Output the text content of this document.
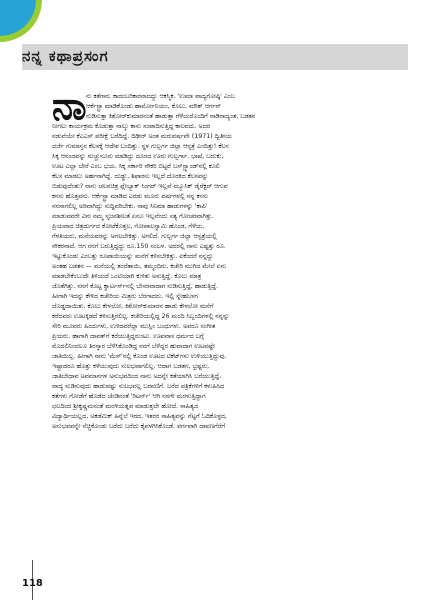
ನನ್ನ ಕಥಾಪ್ರಸಂಗ
ನಾ ನು ಕತೆಗಾರ; ಕಾದಂಬರಿಕಾರನಾದದ್ದು ಆಕಸ್ಮಿಕ. 'ಉಮಾ ವಾದ್ಯಗೋಷ್ಠಿ' ಎಂಬ
ಆರ್ಕೆಸ್ಟ್ರಾ ಮಾಡಿಕೊಂಡು ಹಾರ್ಮೋನಿಯಂ, ಕೊಲು, ಮೌತ್ ಆರ್ಗನ್
ನುಡಿಸುತ್ತಾ ಕಿಶೋರ್‌ಕುಮಾರನಂತೆ ಹಾಡುತ್ತಾ ಗೆಳೆಯರೊಂದಿಗೆ ನಾಡಿನಾದ್ಯಂತ, ಬಡತನ
ನೀಗಲು ಕಾರ್ಯಕ್ರಮ ಕೊಡುತ್ತಾ ನಾಲ್ಕು ಕಾಸು ಸಂಪಾದಿಸುತ್ತಿದ್ದ ಕಾಲವದು. ಅದರ
ನಡುವೆಯೇ ಕೆಎಎಸ್ ಪರೀಕ್ಷೆ ಬರೆದಿದ್ದೆ. ದಿಢೀರ್ ಅಂತ ಮರುವರ್ಷವೇ (1971) ದ್ವಿತೀಯ
ದರ್ಜೆ ಗುಮಾಸ್ತನ ಕೆಲಸಕ್ಕೆ ಆದೇಶ ಬಂದಿತ್ತು. ಸ್ಥಳ ಗುಲ್ಬರ್ಗ ಜಿಲ್ಲಾ ಆಸ್ಪತ್ರೆ ಎಂದಿತ್ತು! ಕೆಲಸ
ಸಿಕ್ಕ ಆನಂದವನ್ನು ನುಚ್ಚುನೂರು ಮಾಡಿದ್ದು ದೂರದ ಊರು ಗುಲ್ಬರ್ಗಾ. ಭಾಷೆ, ಬದುಕು,
ಊಟ ಎಲ್ಲಾ ಬೇರೆ ಎಂಬ ಭಯ. ಸಿಕ್ಕ ಸರ್ಕಾರಿ ನೌಕರಿ ಬಿಟ್ಟರೆ ಬಸ್‌ಸ್ಟ್ಯಾಂಡ್‌ನಲ್ಲಿ ಕೂಲಿ
ಕೆಲಸ ಮಾಡಲು ಅರ್ಹನಾಗಿದ್ದೆ. ದುಡ್ಡು, ಶಿಫಾರಸು ಇಲ್ಲದೆ ದೊರಕಿದ ಕೆಲಸವನ್ನು
ಬಿಡುವುದೆಂತು? ನಾನು ಚಲನಚಿತ್ರ ಪ್ಲೇಬ್ಯಾಕ್ ಸಿಂಗರ್ ಇಲ್ಲವೆ ಮ್ಯೂಸಿಕ್ ಡೈರೆಕ್ಟರ್ ಆಗುವ
ಕನಸು ಹೊತ್ತವನು. ಆರ್ಕೆಸ್ಟ್ರಾ ಮಾಡಿದ ಎರಡು ಮೂರು ವರ್ಷಗಳಲ್ಲಿ ನನ್ನ ಕನಸು
ನನಸಾಗಲಿಲ್ಲ ಅರಿವಾಗಿದ್ದು ಸುದ್ದಿವರಿಬೇಕು. ನಾವು ಸಿನಿಮಾ ಹಾಡುಗಳನ್ನು 'ಕಾಪಿ'
ಮಾಡುವವರೇ ವಿನಃ ನಮ್ಮ ಸೃಜನಶೀಲತೆ ಏನೂ ಇಲ್ಲವೆಂದು ಸತ್ಯ ಗೋಚರವಾಗಿತ್ತು.
ಪ್ರಿಯವಾದ ಚಿತ್ರದುರ್ಗದ ಕೋಟೆಕೊತ್ತಲ, ಗೋಪಾಲಸ್ವಾಮಿ ಹೊಂಡ, ಗೆಳೆಯ,
ಗೆಳತಿಯರು, ಮನೆಯವರನ್ನು ಅಗಲಬೇಕಿತ್ತು. ಅಗಲಿದೆ. ಗುಲ್ಬರ್ಗ ಜಿಲ್ಲಾ ಆಸ್ಪತ್ರೆಯಲ್ಲಿ
ನೌಕರನಾದೆ. ಆಗ ನನಗೆ ಬರುತ್ತಿದ್ದದ್ದು ರೂ.150 ಸಂಬಳ. ಅದರಲ್ಲಿ ನಾನು ಎಷ್ಟತ್ತು ರೂ.
ಇಟ್ಟುಕೊಂಡು ಎಂಬತ್ತು ರೂಪಾಯಿಯನ್ನು ಮನೆಗೆ ಕಳಿಸಬೇಕಿತ್ತು. ಏಕೆಂದರೆ ನನ್ನದ್ದು
ಅಂತಹ ಬಡತನ — ಮನೆಯಲ್ಲಿ ತಂದೆತಾಯಿ, ತಮ್ಮಂದಿರು, ಕಚೇರಿ ಮುಗಿದ ಮೇಲೆ ಏನು
ಮಾಡಬೇಕೆಂಬುದೇ ತಿಳಿಯದೆ ಒಂಟಿಯಾಗಿ ಕುಳಿತು ಅಳುತ್ತಿದ್ದೆ. ಕೊಲು ಮಾತ್ರ
ಜೊತೆಗಿತ್ತು. ನನಗೆ ಕೊಟ್ಟ ಕ್ವಾರ್ಟರ್ಸ್‌ನಲ್ಲಿ ಬೇಸರವಾದಾಗ ನುಡಿಸುತ್ತಿದ್ದೆ, ಹಾಡುತ್ತಿದ್ದೆ.
ಹೀಗಾಗಿ ಇದನ್ನು ಕೇಳಿದ ಕಚೇರಿಯ ಮಿತ್ರರು ಬೆರಗಾದರು. ಇಲ್ಲಿ ಸ್ನೇಹಬಳಗ
ದೊಡ್ಡದಾಯಿತು. ಕೊಲು ಕೇಳಲೋ, ಕಿಶೋರ್‌ಕುಮಾರನ ಹಾಡು ಕೇಳಲೋ ಮನೆಗೆ
ಕರೆದವರು ಊಟಕ್ಕಿಡದೆ ಕಳಿಸುತ್ತಿರಲಿಲ್ಲ. ಕಚೇರಿಯಲ್ಲಿದ್ದ 26 ಮಂದಿ ಸಿಬ್ಬಂದಿಗಳಲ್ಲಿ ನನ್ನನ್ನು
ಸೇರಿ ಮೂವರು ಹಿಂದುಗಳು, ಉಳಿದವರೆಲ್ಲಾ ಮುಸ್ಲಿಂ ಬಂಧುಗಳು. ಅವರೂ ಸಂಗೀತ
ಪ್ರಿಯರು. ಹಾಗಾಗಿ ದಾವತ್‌ಗೆ ಕರೆಯುತ್ತಿದ್ದರುಂಟು. ಊಪವಾಸ ಧರ್ಮದ ಬಗ್ಗೆ
ಮೊದಲಿನಿಂದಲೂ ತಿರಸ್ಕಾರ ಬೆಳೆಸಿಕೊಂಡಿದ್ದ ನನಗೆ ಬೆಳೆದ್ದರ ಹುವಾದಾಗ ಉಟವಷ್ಟೇ
ಜಾತಿಯಿಲ್ಲ. ಹೀಗಾಗಿ ನಾನು 'ಮೆಸ್'ನಲ್ಲಿ ಕೊಂಡ ಊಟದ ಟಿಕೆಟ್‌ಗಳು ಉಳಿಯುತ್ತಿದ್ದುವು.
ಇಷ್ಟಾದರೂ ಹೊತ್ತು ಕಳೆಯುವುದು ಸುಲಭವಾಗಲಿಲ್ಲ. ಆದಾಗ ಬಡತನ, ಭ್ರಷ್ಟರು,
ಜಾತಿಬೇಧಾವ ಅವಮಾನಗಳ ಅನುಭವದಿಂದ ನಾನು ಅದನ್ನೇ ಕತೆಯಾಗಿಸಿ ಬರೆಯುತ್ತಿದ್ದೆ.
ವಾದ್ಯ ನುಡಿಸುವುದು ಹಾಡುವಷ್ಟು ಸುಲಭವಲ್ಲ ಬರವಣಿಗೆ. ಬರೆದ ಪತ್ರಿಕೆಗಳಿಗೆ ಕಳುಹಿಸಿದ
ಕತೆಗಳು ಗೋಡೆಗೆ ಹೊಡೆದ ಚೆಂಡಿನಂತೆ 'ರಿಟರ್ನ್' ಆಗಿ ನನಗೇ ಮರಳುತ್ತಿದ್ದಾಗ
ಛಲದಿಂದ ಶ್ರೀಕೃಷ್ಣಮನಂತೆ ಮರಳಿಯತ್ನವ ಮಾಡುತ್ತಲೇ ಹೋದೆ. ಸಾಹಿತ್ಯದ
ವಿದ್ಯಾರ್ಥಿಯಲ್ಲದ, ಅಕಡೆಮಿಕ್ ಹಿನ್ನೆಲೆ ಇರದ, ಇತರರ ಸಾಹಿತ್ಯವನ್ನು ನೆಟ್ಟಗೆ ಓದಿಕೊಳ್ಳದ,
ಅನುಭವವನ್ನೇ ನೆಚ್ಚಿಕೊಂಡು ಬರೆದು ಬರೆದು ಕೈಪಳಗಿಸಿಕೊಂಡೆ. ವರ್ಗವಾಗಿ ದಾವಣಗೆರೆಗೆ
118
